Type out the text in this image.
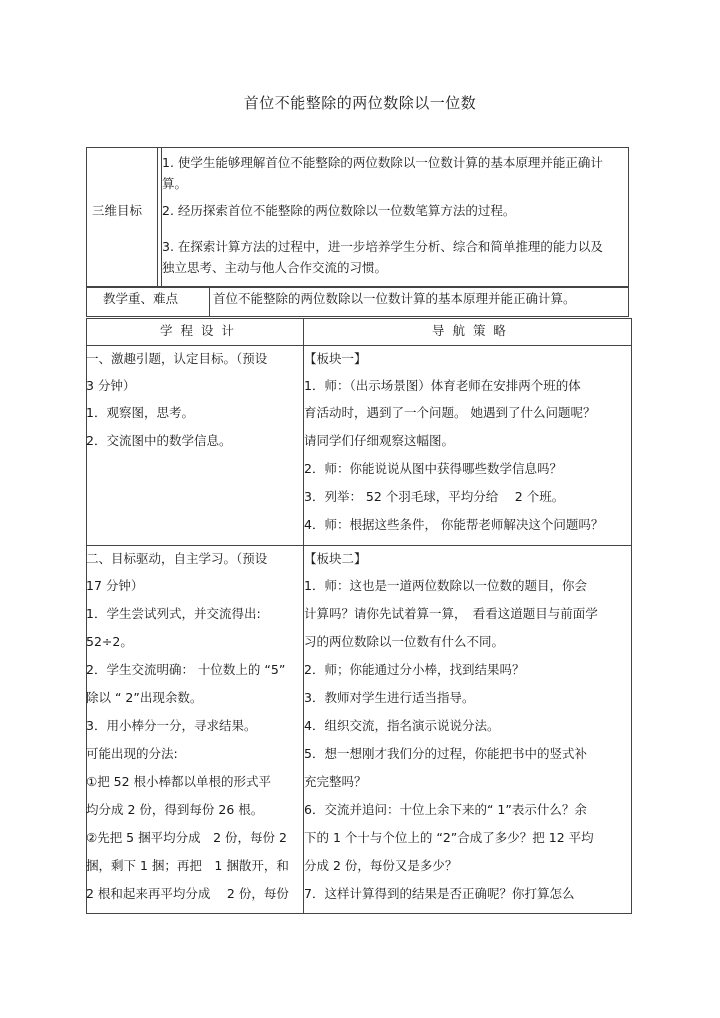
首位不能整除的两位数除以一位数
三维目标
1. 使学生能够理解首位不能整除的两位数除以一位数计算的基本原理并能正确计算。
2. 经历探索首位不能整除的两位数除以一位数笔算方法的过程。
3. 在探索计算方法的过程中，进一步培养学生分析、综合和简单推理的能力以及独立思考、主动与他人合作交流的习惯。
教学重、难点	首位不能整除的两位数除以一位数计算的基本原理并能正确计算。
学 程 设 计	导 航 策 略
一、激趣引题，认定目标。（预设
3 分钟）
1．观察图，思考。
2．交流图中的数学信息。
【板块一】
1．师：（出示场景图）体育老师在安排两个班的体
育活动时，遇到了一个问题。 她遇到了什么问题呢？
请同学们仔细观察这幅图。
2．师：你能说说从图中获得哪些数学信息吗？
3．列举： 52 个羽毛球，平均分给　 2 个班。
4．师：根据这些条件， 你能帮老师解决这个问题吗？
二、目标驱动，自主学习。（预设
17 分钟）
1．学生尝试列式，并交流得出:
52÷2。
2．学生交流明确： 十位数上的 “5”
除以 “ 2”出现余数。
3．用小棒分一分，寻求结果。
可能出现的分法:
①把 52 根小棒都以单根的形式平
均分成 2 份，得到每份 26 根。
②先把 5 捆平均分成　2 份，每份 2
捆，剩下 1 捆；再把　1 捆散开，和
2 根和起来再平均分成　 2 份，每份
【板块二】
1．师：这也是一道两位数除以一位数的题目，你会
计算吗？请你先试着算一算，　看看这道题目与前面学
习的两位数除以一位数有什么不同。
2．师；你能通过分小棒，找到结果吗？
3．教师对学生进行适当指导。
4．组织交流，指名演示说说分法。
5．想一想刚才我们分的过程，你能把书中的竖式补
充完整吗？
6．交流并追问：十位上余下来的“ 1”表示什么？余
下的 1 个十与个位上的 “2”合成了多少？把 12 平均
分成 2 份，每份又是多少？
7．这样计算得到的结果是否正确呢？你打算怎么
